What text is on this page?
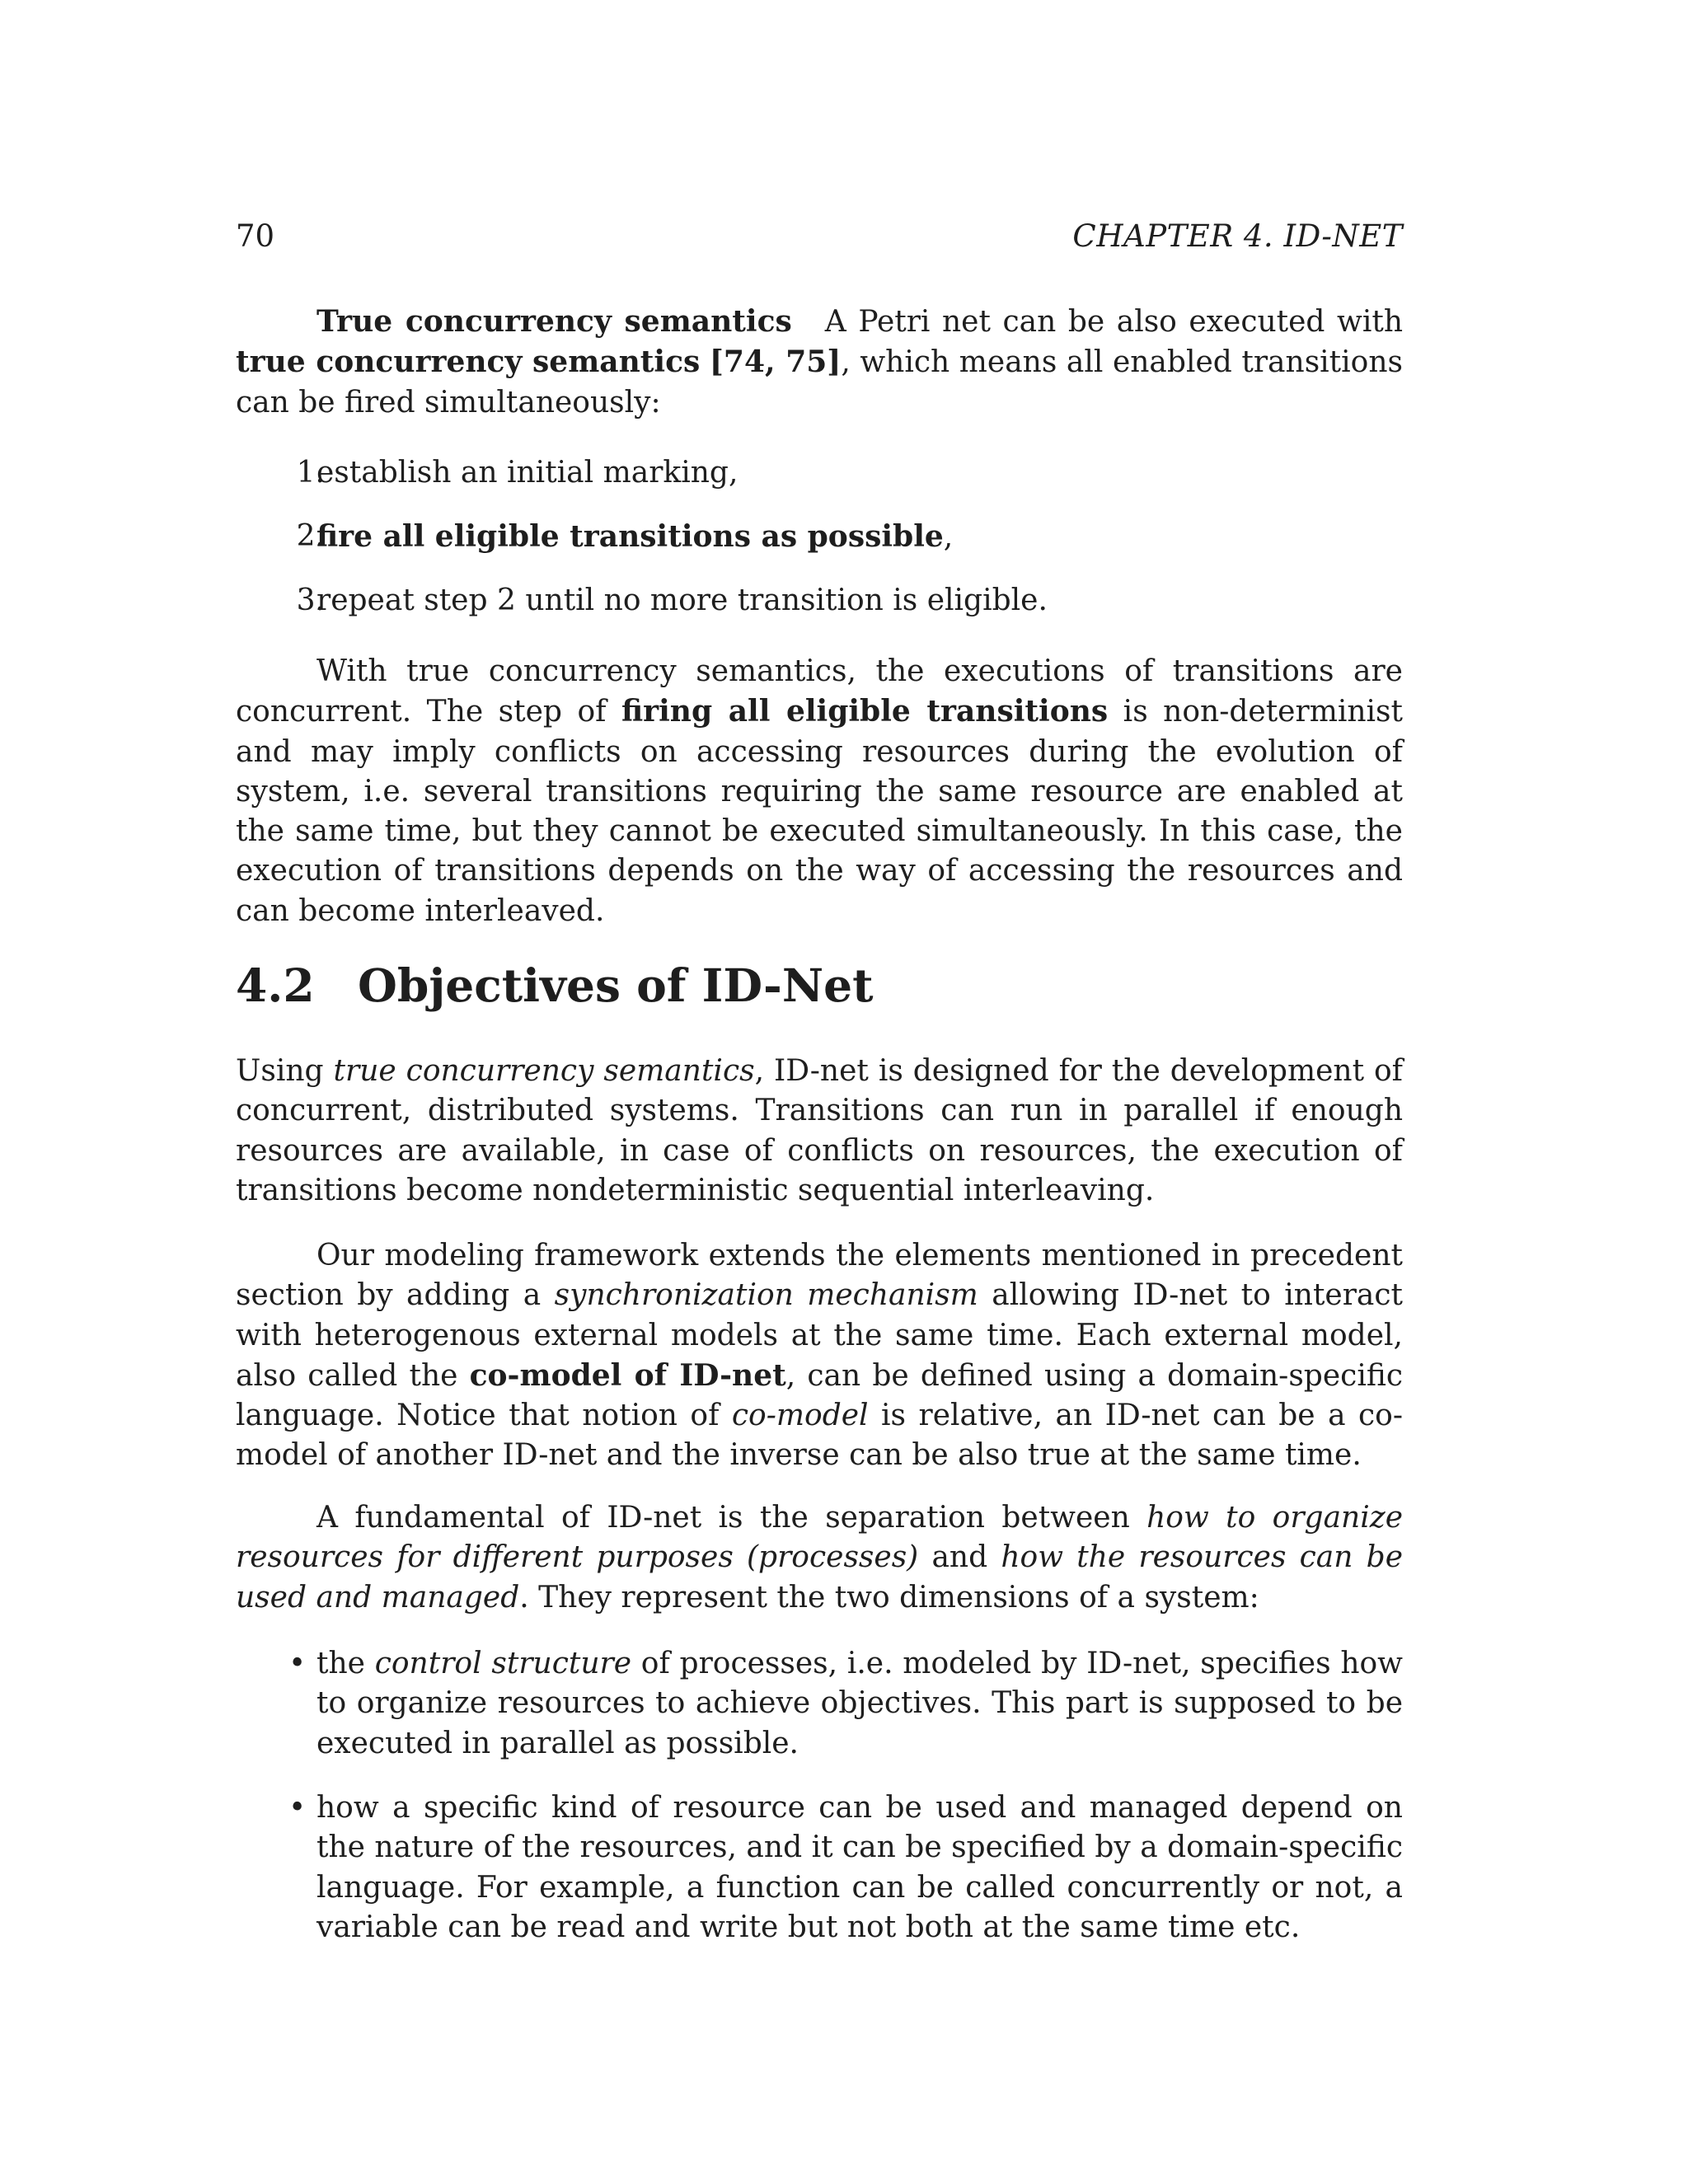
70	CHAPTER 4. ID-NET

True concurrency semantics A Petri net can be also executed with true concurrency semantics [74, 75], which means all enabled transitions can be fired simultaneously:

1.
establish an initial marking,
2.
fire all eligible transitions as possible,
3.
repeat step 2 until no more transition is eligible.

With true concurrency semantics, the executions of transitions are concurrent. The step of firing all eligible transitions is non-determinist and may imply conflicts on accessing resources during the evolution of system, i.e. several transitions requiring the same resource are enabled at the same time, but they cannot be executed simultaneously. In this case, the execution of transitions depends on the way of accessing the resources and can become interleaved.

4.2 Objectives of ID-Net

Using true concurrency semantics, ID-net is designed for the development of concurrent, distributed systems. Transitions can run in parallel if enough resources are available, in case of conflicts on resources, the execution of transitions become nondeterministic sequential interleaving.

Our modeling framework extends the elements mentioned in precedent section by adding a synchronization mechanism allowing ID-net to interact with heterogenous external models at the same time. Each external model, also called the co-model of ID-net, can be defined using a domain-specific language. Notice that notion of co-model is relative, an ID-net can be a co-model of another ID-net and the inverse can be also true at the same time.

A fundamental of ID-net is the separation between how to organize resources for different purposes (processes) and how the resources can be used and managed. They represent the two dimensions of a system:

• the control structure of processes, i.e. modeled by ID-net, specifies how to organize resources to achieve objectives. This part is supposed to be executed in parallel as possible.
• how a specific kind of resource can be used and managed depend on the nature of the resources, and it can be specified by a domain-specific language. For example, a function can be called concurrently or not, a variable can be read and write but not both at the same time etc.
